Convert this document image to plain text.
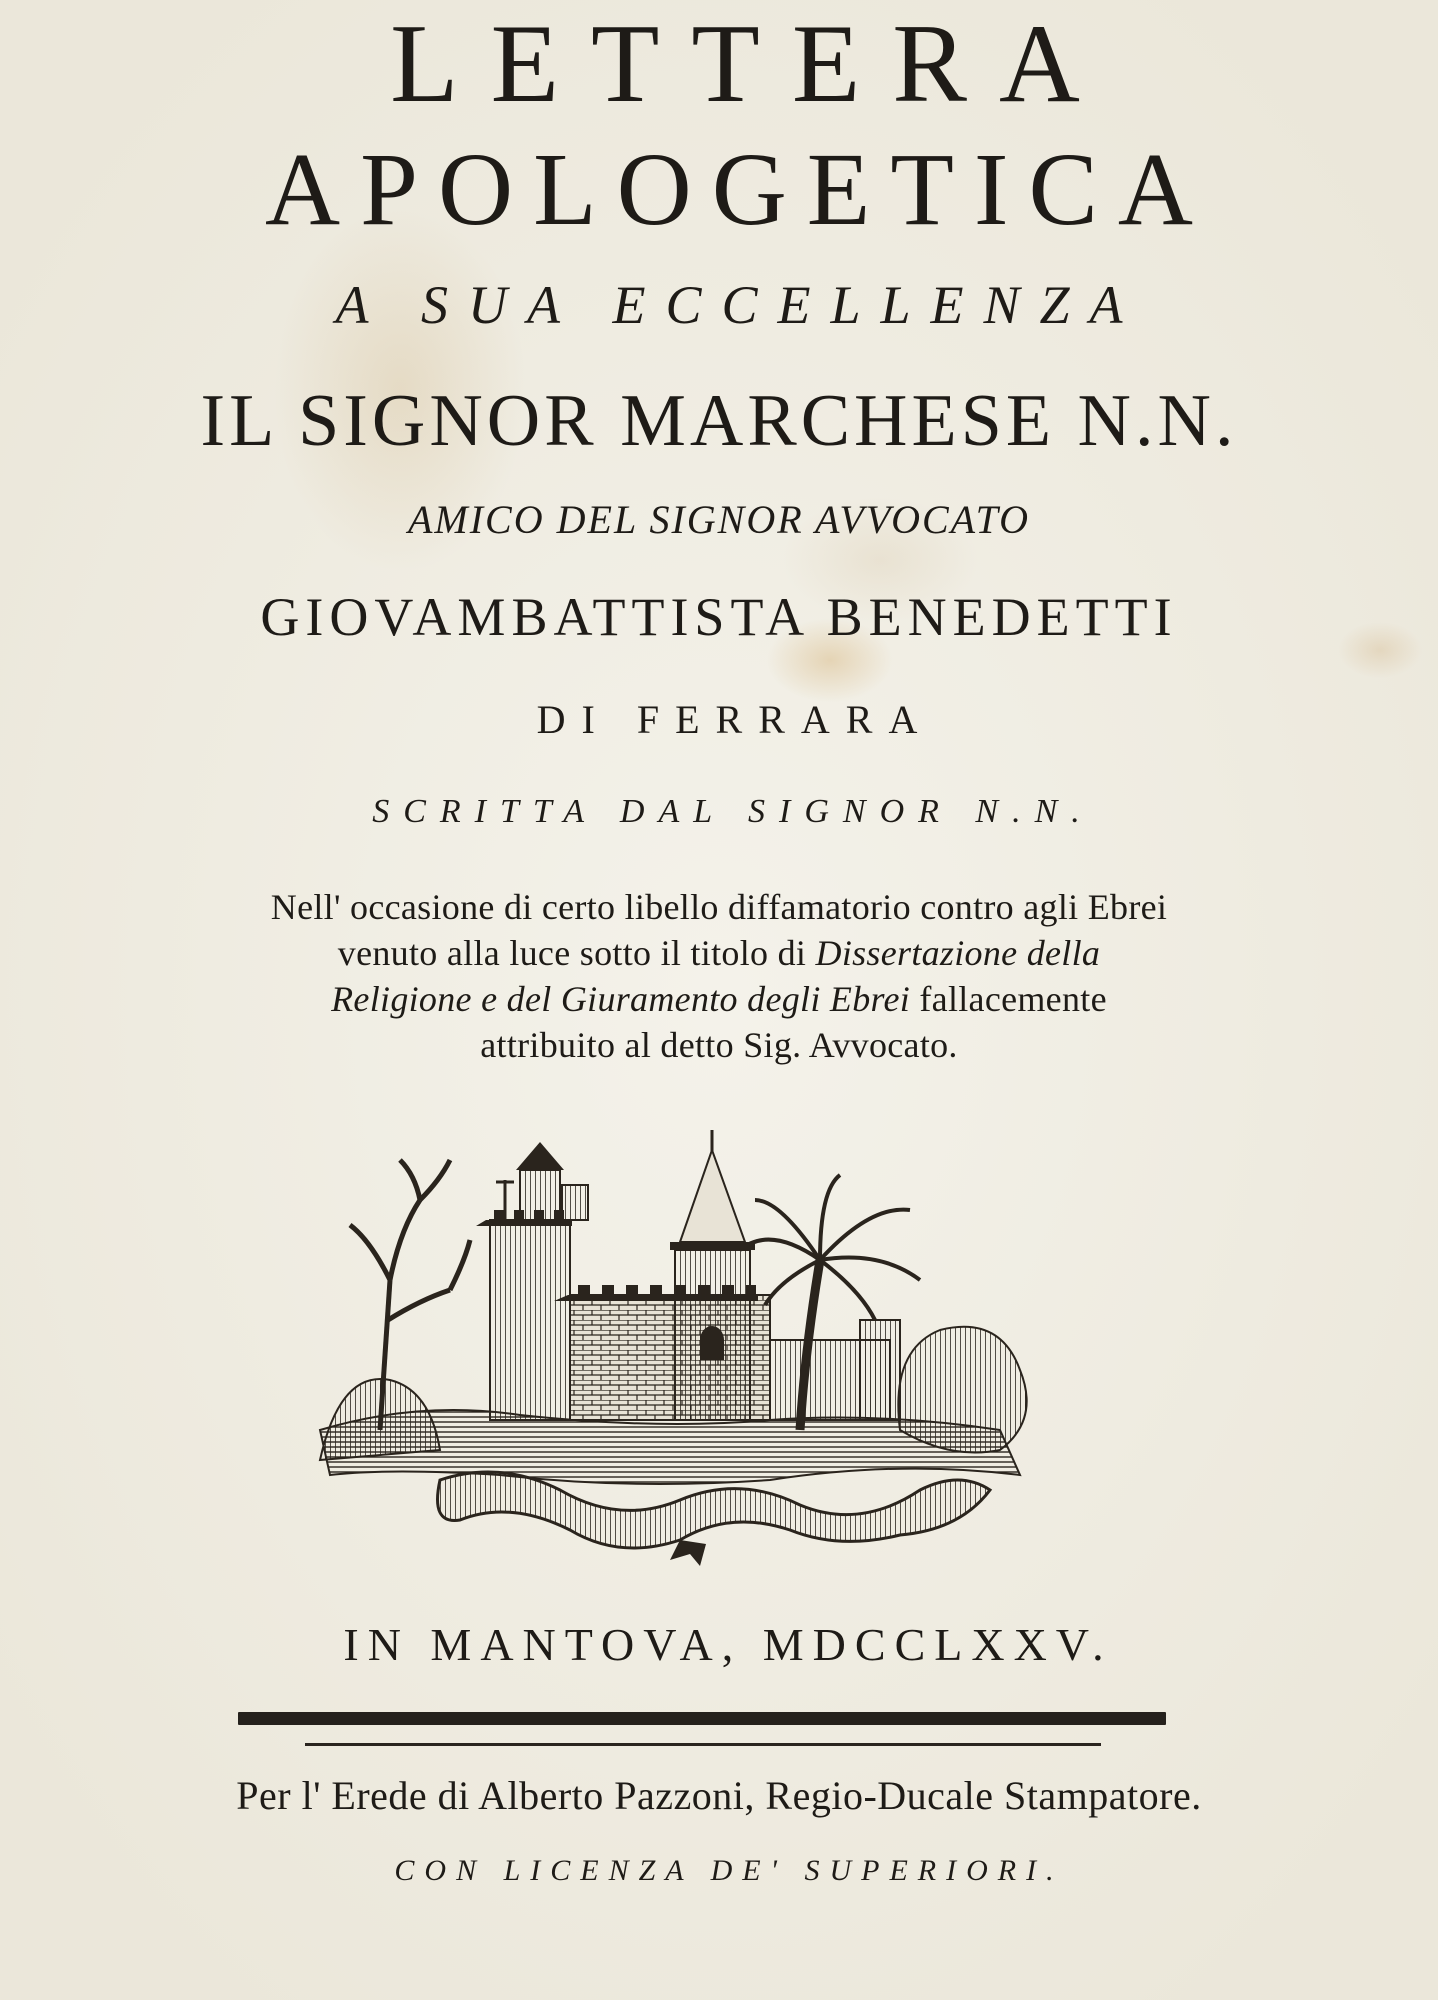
LETTERA
APOLOGETICA
A SUA ECCELLENZA
IL SIGNOR MARCHESE N.N.
AMICO DEL SIGNOR AVVOCATO
GIOVAMBATTISTA BENEDETTI
DI FERRARA
SCRITTA DAL SIGNOR N.N.
Nell' occasione di certo libello diffamatorio contro agli Ebrei
venuto alla luce sotto il titolo di Dissertazione della
Religione e del Giuramento degli Ebrei fallacemente
attribuito al detto Sig. Avvocato.
IN MANTOVA, MDCCLXXV.
Per l' Erede di Alberto Pazzoni, Regio-Ducale Stampatore.
CON LICENZA DE' SUPERIORI.
